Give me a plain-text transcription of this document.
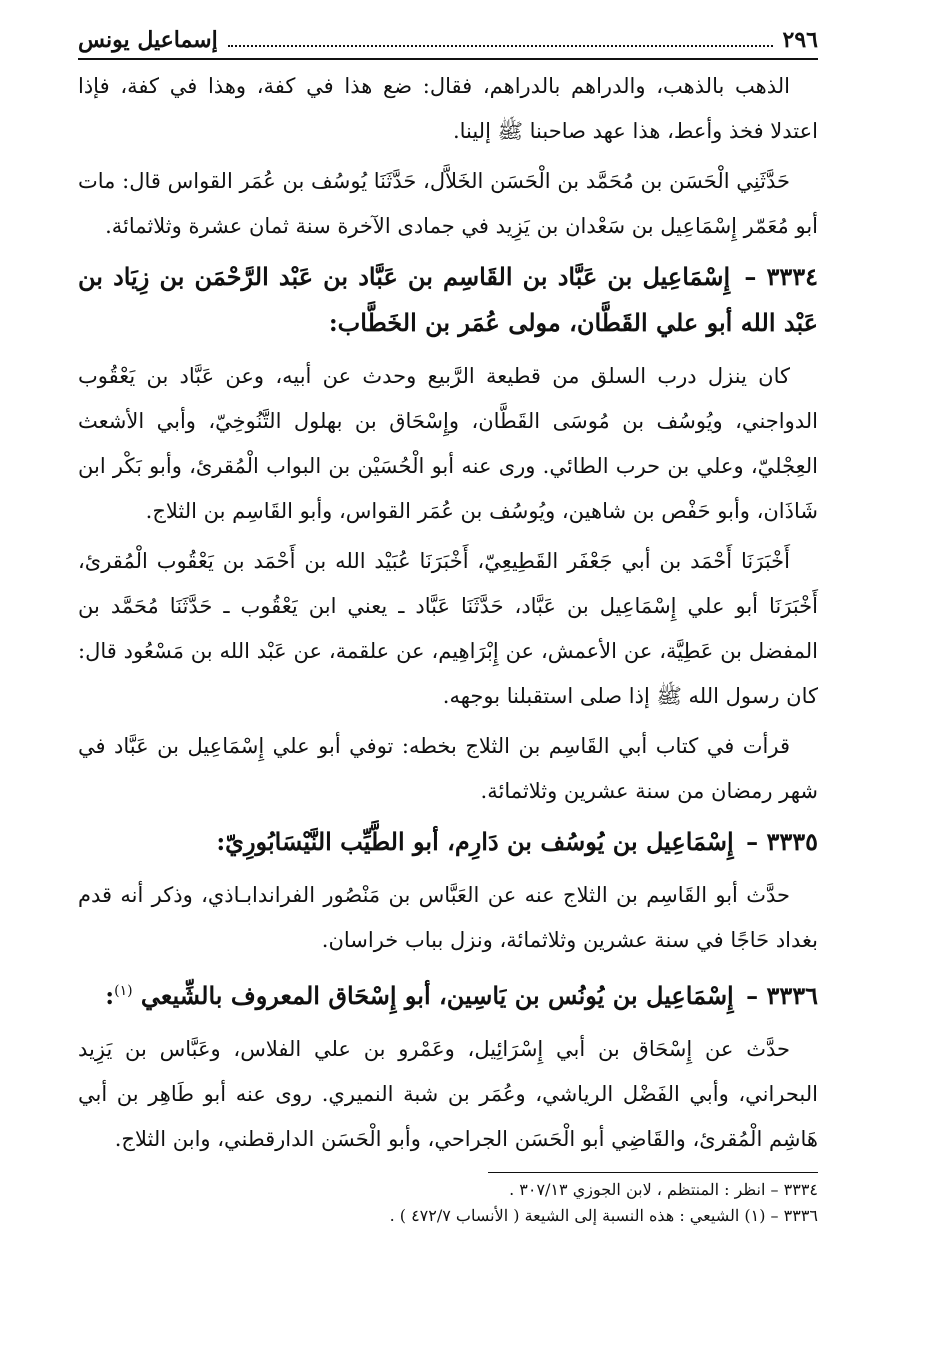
٢٩٦
إسماعيل يونس
الذهب بالذهب، والدراهم بالدراهم، فقال: ضع هذا في كفة، وهذا في كفة، فإذا اعتدلا فخذ وأعط، هذا عهد صاحبنا ﷺ إلينا.
حَدَّثَنِي الْحَسَن بن مُحَمَّد بن الْحَسَن الخَلاَّل، حَدَّثَنَا يُوسُف بن عُمَر القواس قال: مات أبو مُعَمّر إِسْمَاعِيل بن سَعْدان بن يَزِيد في جمادى الآخرة سنة ثمان عشرة وثلاثمائة.
٣٣٣٤ – إِسْمَاعِيل بن عَبَّاد بن القَاسِم بن عَبَّاد بن عَبْد الرَّحْمَن بن زِيَاد بن عَبْد الله أبو علي القَطَّان، مولى عُمَر بن الخَطَّاب:
كان ينزل درب السلق من قطيعة الرَّبيع وحدث عن أبيه، وعن عَبَّاد بن يَعْقُوب الدواجني، ويُوسُف بن مُوسَى القَطَّان، وإِسْحَاق بن بهلول التَّنُوخِيّ، وأبي الأشعث العِجْليّ، وعلي بن حرب الطائي. ورى عنه أبو الْحُسَيْن بن البواب الْمُقرئ، وأبو بَكْر ابن شَاذَان، وأبو حَفْص بن شاهين، ويُوسُف بن عُمَر القواس، وأبو القَاسِم بن الثلاج.
أَخْبَرَنَا أَحْمَد بن أبي جَعْفَر القَطِيعِيّ، أَخْبَرَنَا عُبَيْد الله بن أَحْمَد بن يَعْقُوب الْمُقرئ، أَخْبَرَنَا أبو علي إِسْمَاعِيل بن عَبَّاد، حَدَّثَنَا عَبَّاد ـ يعني ابن يَعْقُوب ـ حَدَّثَنَا مُحَمَّد بن المفضل بن عَطِيَّة، عن الأعمش، عن إِبْرَاهِيم، عن علقمة، عن عَبْد الله بن مَسْعُود قال: كان رسول الله ﷺ إذا صلى استقبلنا بوجهه.
قرأت في كتاب أبي القَاسِم بن الثلاج بخطه: توفي أبو علي إِسْمَاعِيل بن عَبَّاد في شهر رمضان من سنة عشرين وثلاثمائة.
٣٣٣٥ – إِسْمَاعِيل بن يُوسُف بن دَارِم، أبو الطَّيِّب النَّيْسَابُورِيّ:
حدَّث أبو القَاسِم بن الثلاج عنه عن العَبَّاس بن مَنْصُور الفراندابـاذي، وذكر أنه قدم بغداد حَاجًا في سنة عشرين وثلاثمائة، ونزل بباب خراسان.
٣٣٣٦ – إِسْمَاعِيل بن يُونُس بن يَاسِين، أبو إِسْحَاق المعروف بالشِّيعي $^{(١)}$:
حدَّث عن إِسْحَاق بن أبي إِسْرَائِيل، وعَمْرو بن علي الفلاس، وعَبَّاس بن يَزِيد البحراني، وأبي الفَضْل الرياشي، وعُمَر بن شبة النميري. روى عنه أبو طَاهِر بن أبي هَاشِم الْمُقرئ، والقَاضِي أبو الْحَسَن الجراحي، وأبو الْحَسَن الدارقطني، وابن الثلاج.
٣٣٣٤ – انظر : المنتظم ، لابن الجوزي ٣٠٧/١٣ .
٣٣٣٦ – (١) الشيعي : هذه النسبة إلى الشيعة ( الأنساب ٤٧٢/٧ ) .
